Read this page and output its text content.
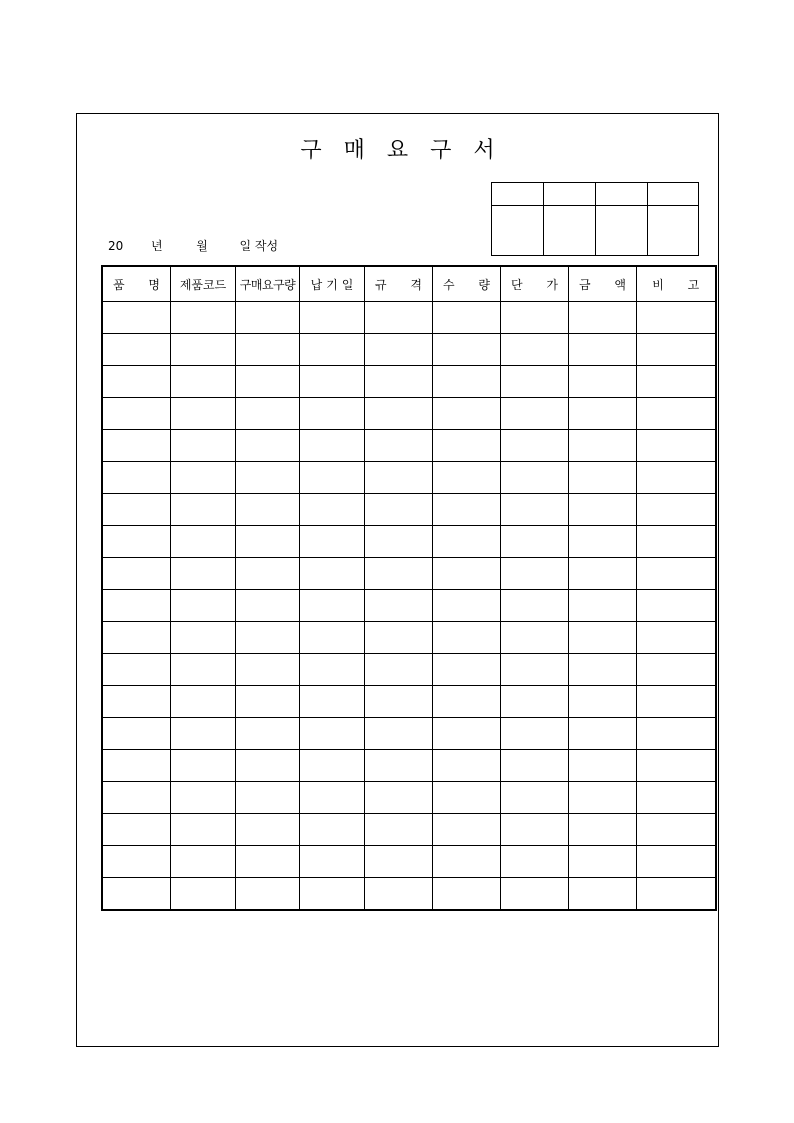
구매요구서
20 년	월	일 작성

품 명	제품코드	구매요구량	납기일	규 격	수 량	단 가	금 액	비 고
